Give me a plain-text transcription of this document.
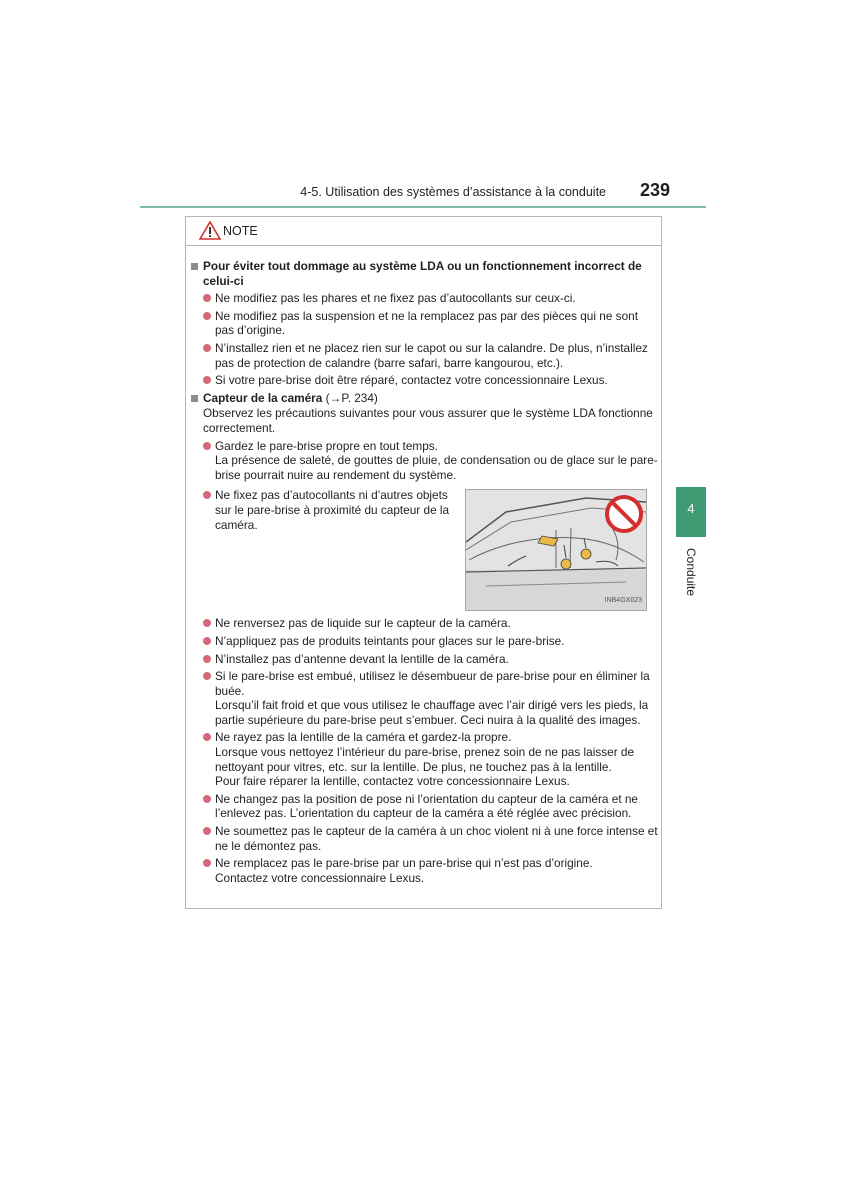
4-5. Utilisation des systèmes d’assistance à la conduite	239
4
Conduite
NOTE
Pour éviter tout dommage au système LDA ou un fonctionnement incorrect de celui-ci
Ne modifiez pas les phares et ne fixez pas d’autocollants sur ceux-ci.
Ne modifiez pas la suspension et ne la remplacez pas par des pièces qui ne sont pas d’origine.
N’installez rien et ne placez rien sur le capot ou sur la calandre. De plus, n’installez pas de protection de calandre (barre safari, barre kangourou, etc.).
Si votre pare-brise doit être réparé, contactez votre concessionnaire Lexus.
Capteur de la caméra (→P. 234)
Observez les précautions suivantes pour vous assurer que le système LDA fonctionne correctement.
Gardez le pare-brise propre en tout temps.
La présence de saleté, de gouttes de pluie, de condensation ou de glace sur le pare-brise pourrait nuire au rendement du système.
Ne fixez pas d’autocollants ni d’autres objets sur le pare-brise à proximité du capteur de la caméra.
INB4GX023
Ne renversez pas de liquide sur le capteur de la caméra.
N’appliquez pas de produits teintants pour glaces sur le pare-brise.
N’installez pas d’antenne devant la lentille de la caméra.
Si le pare-brise est embué, utilisez le désembueur de pare-brise pour en éliminer la buée.
Lorsqu’il fait froid et que vous utilisez le chauffage avec l’air dirigé vers les pieds, la partie supérieure du pare-brise peut s’embuer. Ceci nuira à la qualité des images.
Ne rayez pas la lentille de la caméra et gardez-la propre.
Lorsque vous nettoyez l’intérieur du pare-brise, prenez soin de ne pas laisser de nettoyant pour vitres, etc. sur la lentille. De plus, ne touchez pas à la lentille.
Pour faire réparer la lentille, contactez votre concessionnaire Lexus.
Ne changez pas la position de pose ni l’orientation du capteur de la caméra et ne l’enlevez pas. L’orientation du capteur de la caméra a été réglée avec précision.
Ne soumettez pas le capteur de la caméra à un choc violent ni à une force intense et ne le démontez pas.
Ne remplacez pas le pare-brise par un pare-brise qui n’est pas d’origine.
Contactez votre concessionnaire Lexus.
